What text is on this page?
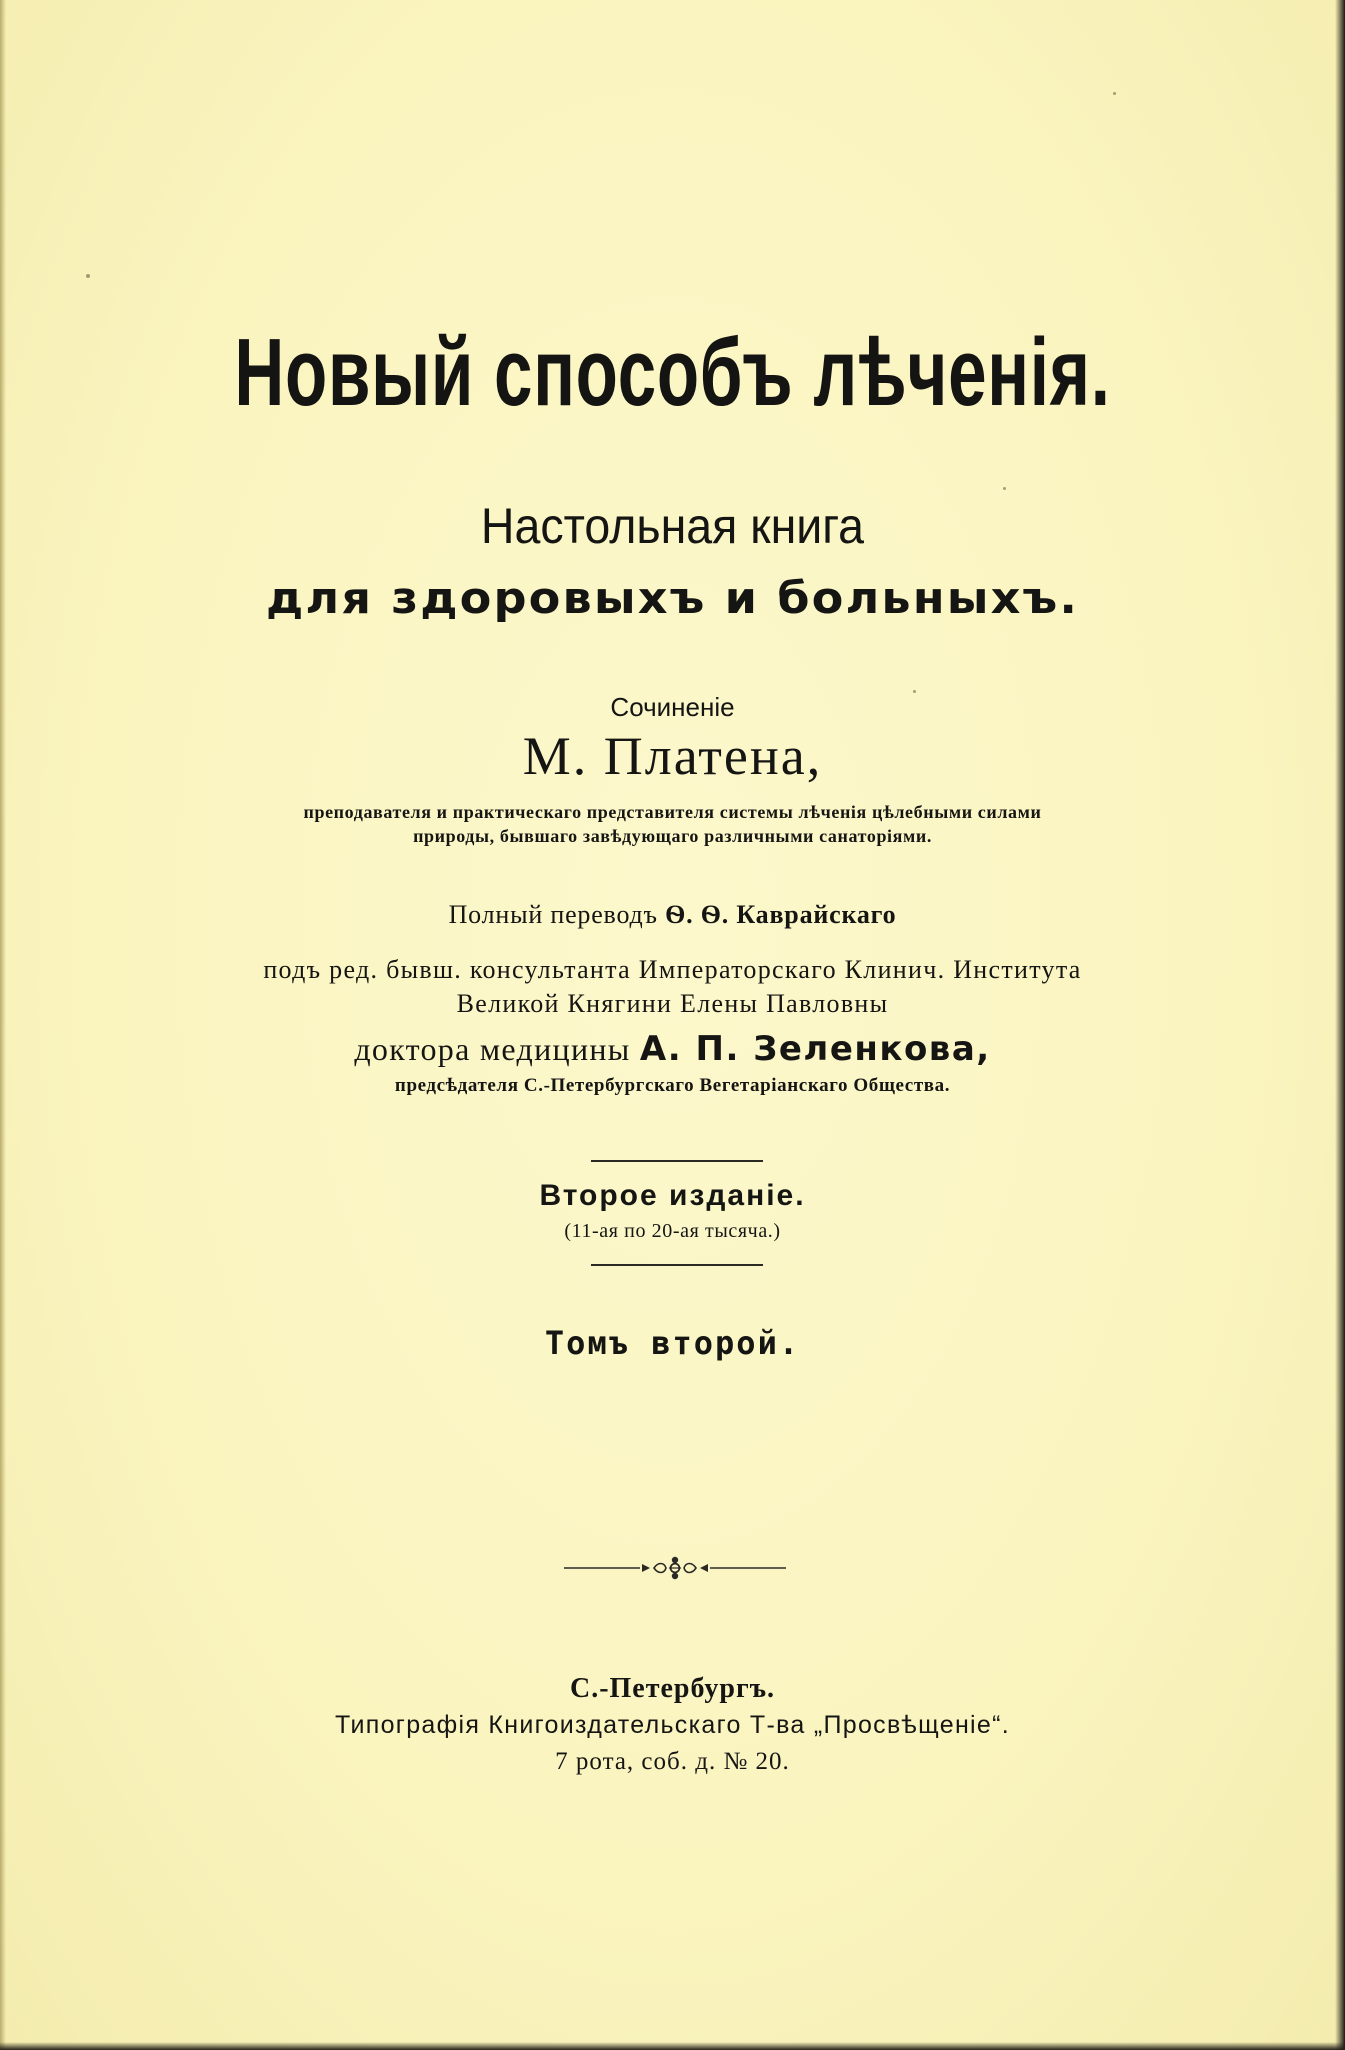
Новый способъ лѣченія.
Настольная книга
для здоровыхъ и больныхъ.
Сочиненіе
М. Платена,
преподавателя и практическаго представителя системы лѣченія цѣлебными силами
природы, бывшаго завѣдующаго различными санаторіями.
Полный переводъ Ѳ. Ѳ. Каврайскаго
подъ ред. бывш. консультанта Императорскаго Клинич. Института
Великой Княгини Елены Павловны
доктора медицины А. П. Зеленкова,
предсѣдателя С.-Петербургскаго Вегетаріанскаго Общества.
Второе изданіе.
(11-ая по 20-ая тысяча.)
Томъ второй.
С.-Петербургъ.
Типографія Книгоиздательскаго Т-ва „Просвѣщеніе“.
7 рота, соб. д. № 20.
